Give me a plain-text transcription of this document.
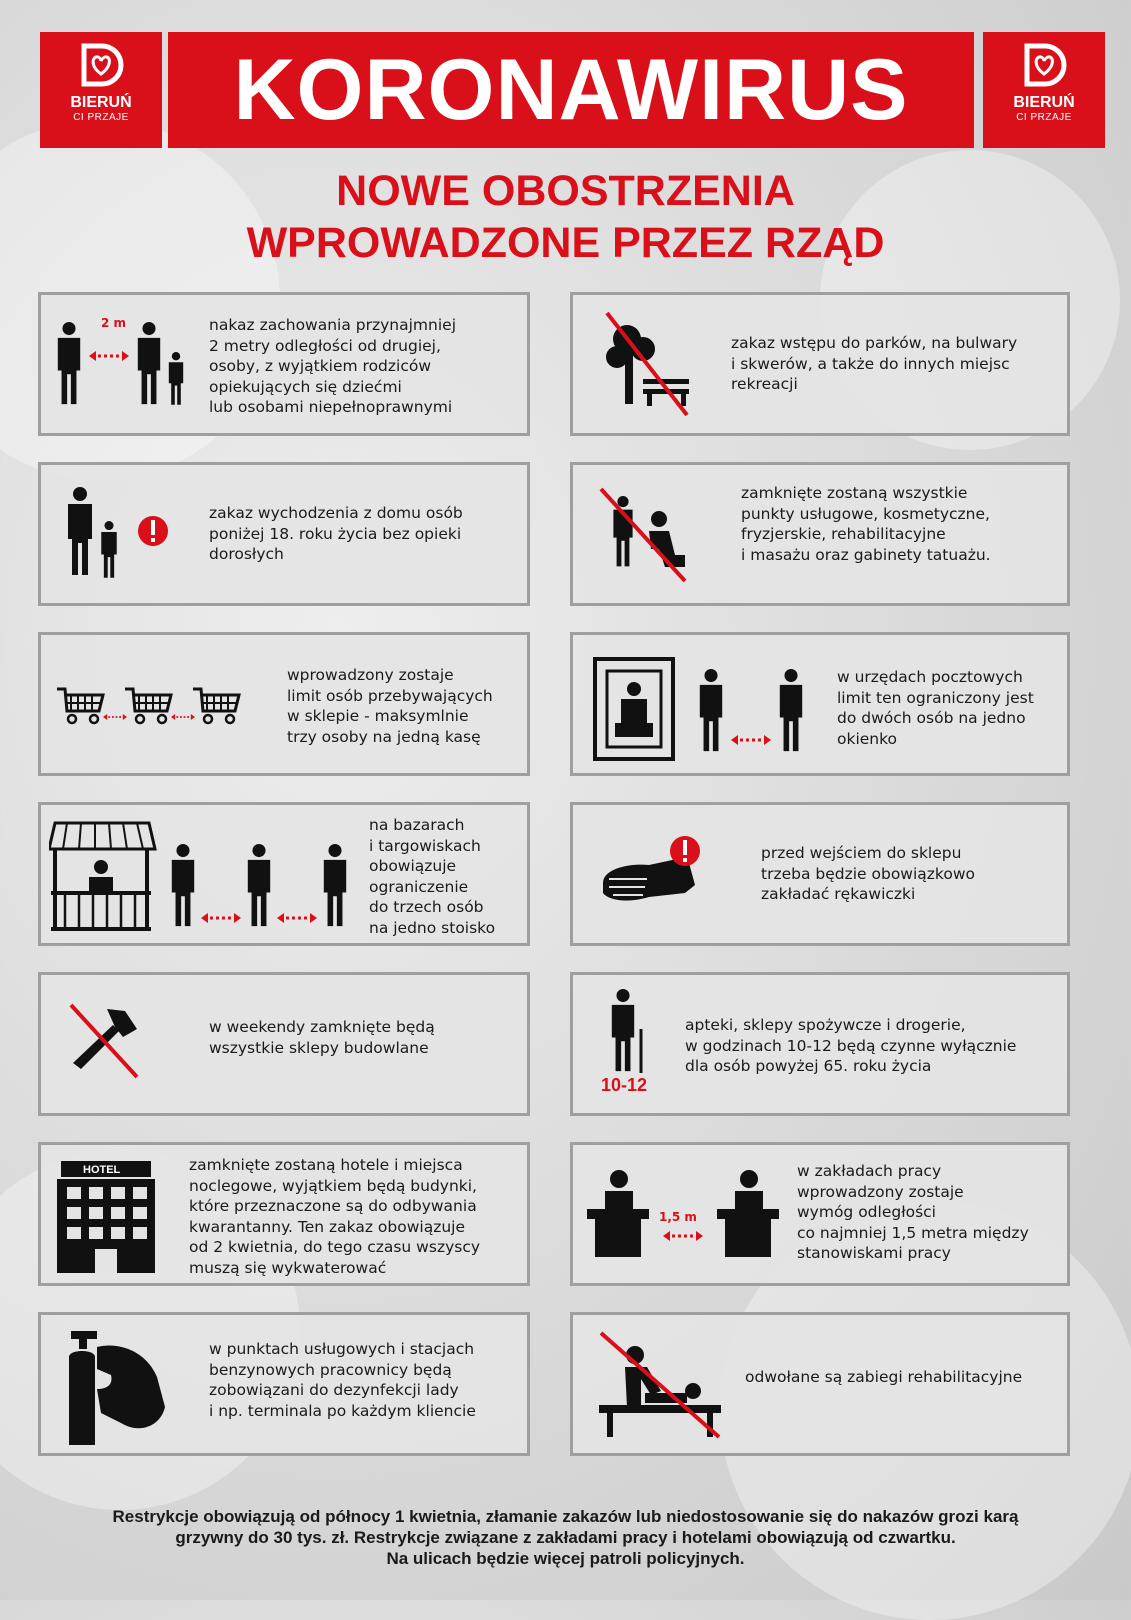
BIERUŃ
CI PRZAJE	KORONAWIRUS	BIERUŃ
CI PRZAJE
NOWE OBOSTRZENIA
WPROWADZONE PRZEZ RZĄD
2 m	nakaz zachowania przynajmniej
2 metry odległości od drugiej,
osoby, z wyjątkiem rodziców
opiekujących się dziećmi
lub osobami niepełnoprawnymi
zakaz wstępu do parków, na bulwary
i skwerów, a także do innych miejsc
rekreacji
zakaz wychodzenia z domu osób
poniżej 18. roku życia bez opieki
dorosłych
zamknięte zostaną wszystkie
punkty usługowe, kosmetyczne,
fryzjerskie, rehabilitacyjne
i masażu oraz gabinety tatuażu.
wprowadzony zostaje
limit osób przebywających
w sklepie - maksymlnie
trzy osoby na jedną kasę
w urzędach pocztowych
limit ten ograniczony jest
do dwóch osób na jedno
okienko
na bazarach
i targowiskach
obowiązuje
ograniczenie
do trzech osób
na jedno stoisko
przed wejściem do sklepu
trzeba będzie obowiązkowo
zakładać rękawiczki
w weekendy zamknięte będą
wszystkie sklepy budowlane
10-12
apteki, sklepy spożywcze i drogerie,
w godzinach 10-12 będą czynne wyłącznie
dla osób powyżej 65. roku życia
HOTEL	zamknięte zostaną hotele i miejsca
noclegowe, wyjątkiem będą budynki,
które przeznaczone są do odbywania
kwarantanny. Ten zakaz obowiązuje
od 2 kwietnia, do tego czasu wszyscy
muszą się wykwaterować
1,5 m
w zakładach pracy
wprowadzony zostaje
wymóg odległości
co najmniej 1,5 metra między
stanowiskami pracy
w punktach usługowych i stacjach
benzynowych pracownicy będą
zobowiązani do dezynfekcji lady
i np. terminala po każdym kliencie
odwołane są zabiegi rehabilitacyjne
Restrykcje obowiązują od północy 1 kwietnia, złamanie zakazów lub niedostosowanie się do nakazów grozi karą
grzywny do 30 tys. zł. Restrykcje związane z zakładami pracy i hotelami obowiązują od czwartku.
Na ulicach będzie więcej patroli policyjnych.
